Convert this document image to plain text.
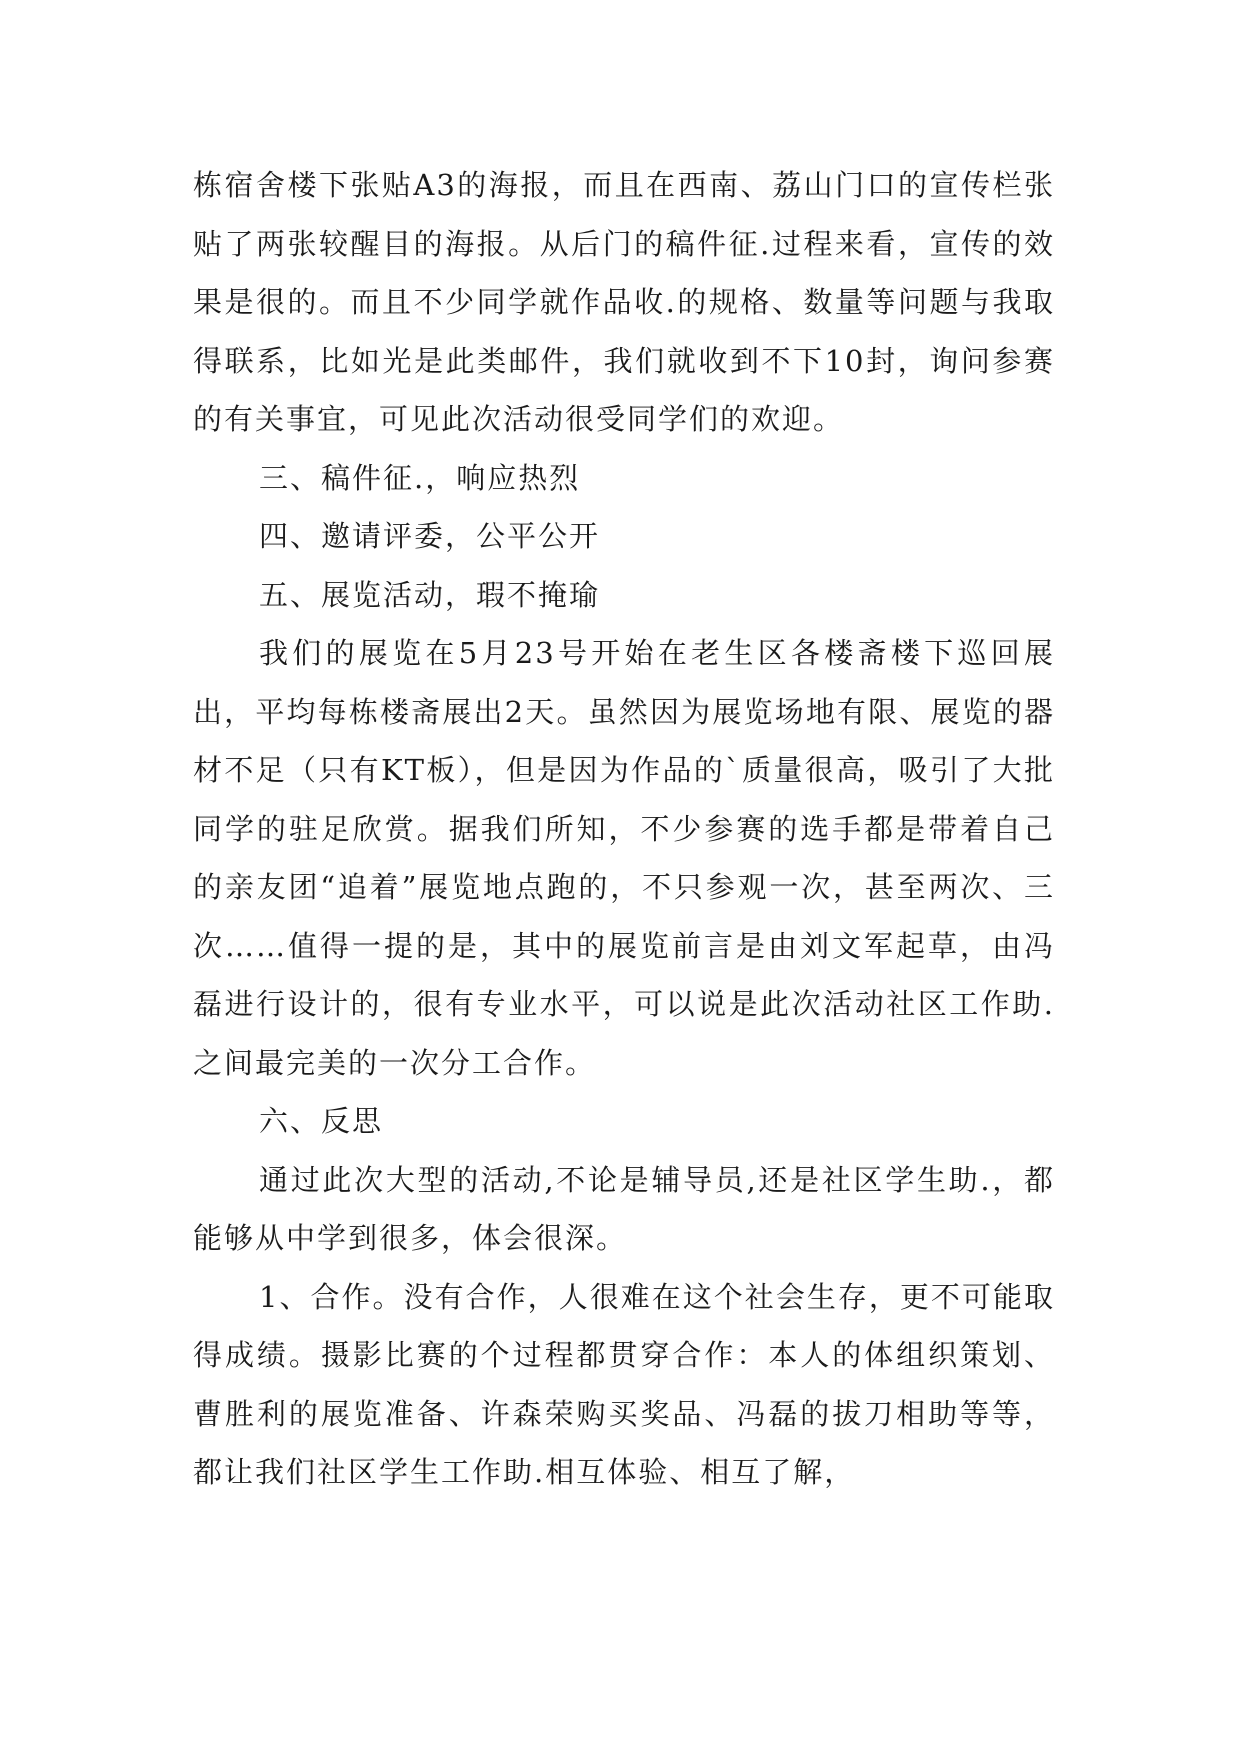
栋宿舍楼下张贴A3的海报，而且在西南、荔山门口的宣传栏张贴了两张较醒目的海报。从后门的稿件征.过程来看，宣传的效果是很的。而且不少同学就作品收.的规格、数量等问题与我取得联系，比如光是此类邮件，我们就收到不下10封，询问参赛的有关事宜，可见此次活动很受同学们的欢迎。

三、稿件征.，响应热烈

四、邀请评委，公平公开

五、展览活动，瑕不掩瑜

我们的展览在5月23号开始在老生区各楼斋楼下巡回展出，平均每栋楼斋展出2天。虽然因为展览场地有限、展览的器材不足（只有KT板），但是因为作品的`质量很高，吸引了大批同学的驻足欣赏。据我们所知，不少参赛的选手都是带着自己的亲友团“追着”展览地点跑的，不只参观一次，甚至两次、三次……值得一提的是，其中的展览前言是由刘文军起草，由冯磊进行设计的，很有专业水平，可以说是此次活动社区工作助.之间最完美的一次分工合作。

六、反思

通过此次大型的活动,不论是辅导员,还是社区学生助.，都能够从中学到很多，体会很深。

1、合作。没有合作，人很难在这个社会生存，更不可能取得成绩。摄影比赛的个过程都贯穿合作：本人的体组织策划、曹胜利的展览准备、许森荣购买奖品、冯磊的拔刀相助等等，都让我们社区学生工作助.相互体验、相互了解，
